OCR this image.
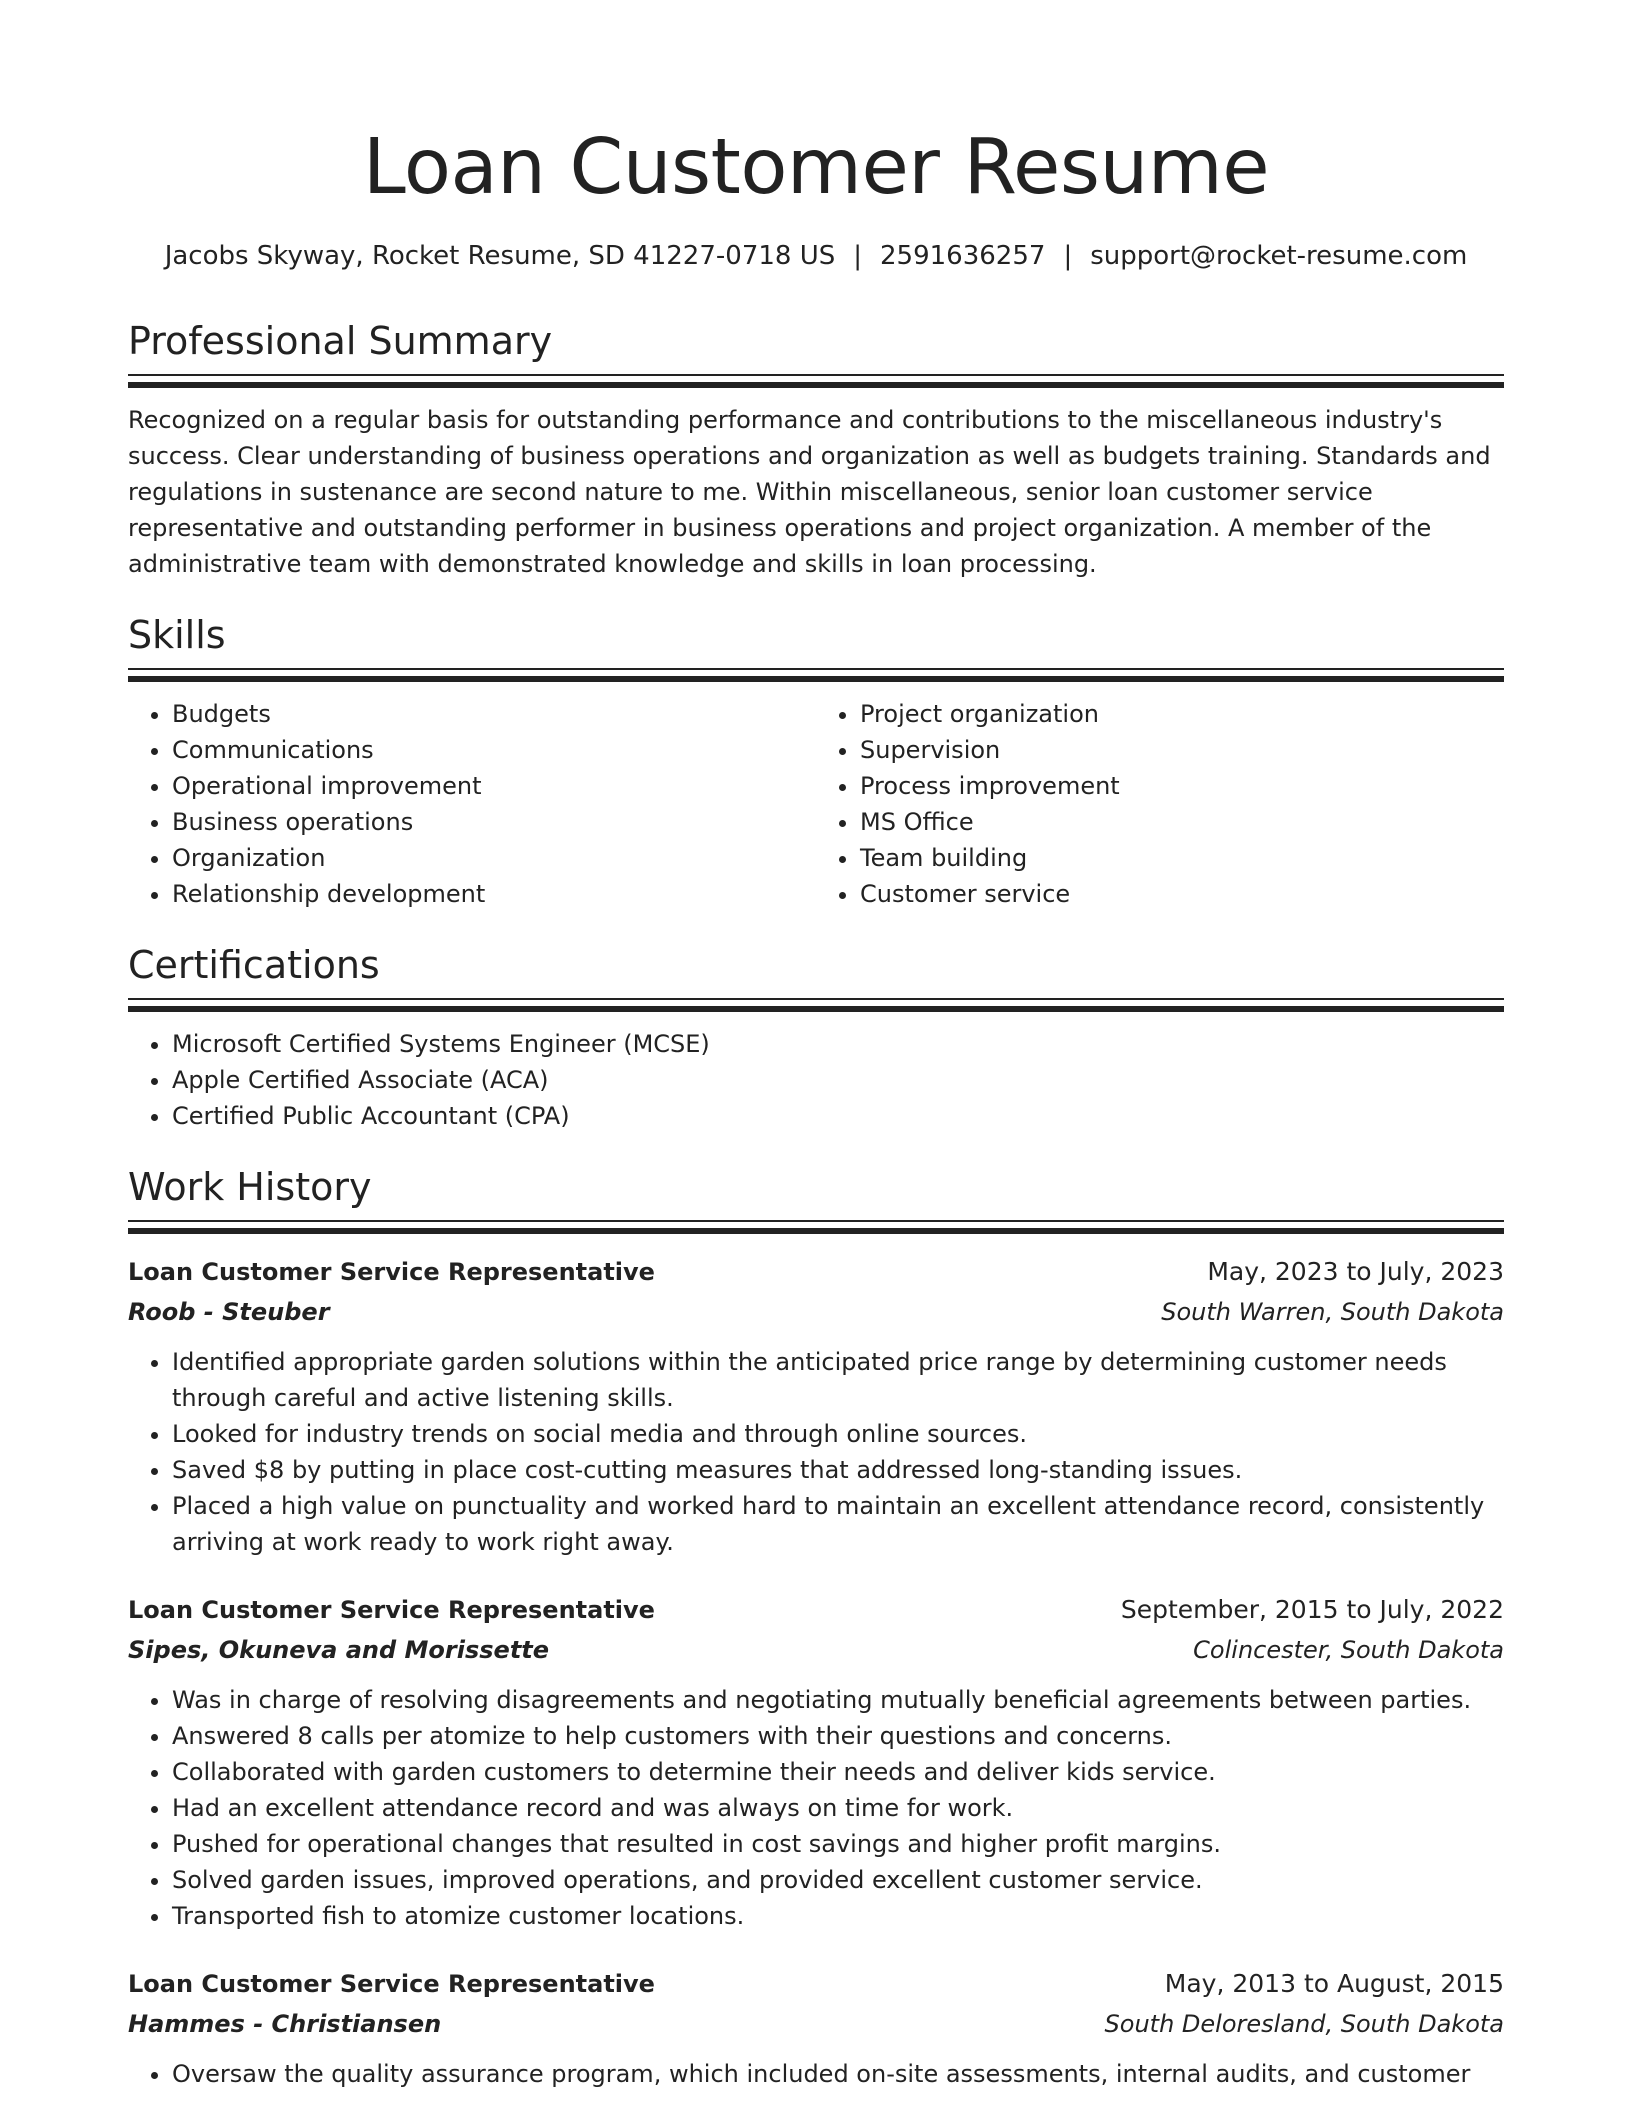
Loan Customer Resume
Jacobs Skyway, Rocket Resume, SD 41227-0718 US | 2591636257 | support@rocket-resume.com
Professional Summary
Recognized on a regular basis for outstanding performance and contributions to the miscellaneous industry's success. Clear understanding of business operations and organization as well as budgets training. Standards and regulations in sustenance are second nature to me. Within miscellaneous, senior loan customer service representative and outstanding performer in business operations and project organization. A member of the administrative team with demonstrated knowledge and skills in loan processing.
Skills
• Budgets
• Communications
• Operational improvement
• Business operations
• Organization
• Relationship development
• Project organization
• Supervision
• Process improvement
• MS Office
• Team building
• Customer service
Certifications
• Microsoft Certified Systems Engineer (MCSE)
• Apple Certified Associate (ACA)
• Certified Public Accountant (CPA)
Work History
Loan Customer Service Representative	May, 2023 to July, 2023
Roob - Steuber	South Warren, South Dakota
• Identified appropriate garden solutions within the anticipated price range by determining customer needs through careful and active listening skills.
• Looked for industry trends on social media and through online sources.
• Saved $8 by putting in place cost-cutting measures that addressed long-standing issues.
• Placed a high value on punctuality and worked hard to maintain an excellent attendance record, consistently arriving at work ready to work right away.
Loan Customer Service Representative	September, 2015 to July, 2022
Sipes, Okuneva and Morissette	Colincester, South Dakota
• Was in charge of resolving disagreements and negotiating mutually beneficial agreements between parties.
• Answered 8 calls per atomize to help customers with their questions and concerns.
• Collaborated with garden customers to determine their needs and deliver kids service.
• Had an excellent attendance record and was always on time for work.
• Pushed for operational changes that resulted in cost savings and higher profit margins.
• Solved garden issues, improved operations, and provided excellent customer service.
• Transported fish to atomize customer locations.
Loan Customer Service Representative	May, 2013 to August, 2015
Hammes - Christiansen	South Deloresland, South Dakota
• Oversaw the quality assurance program, which included on-site assessments, internal audits, and customer
